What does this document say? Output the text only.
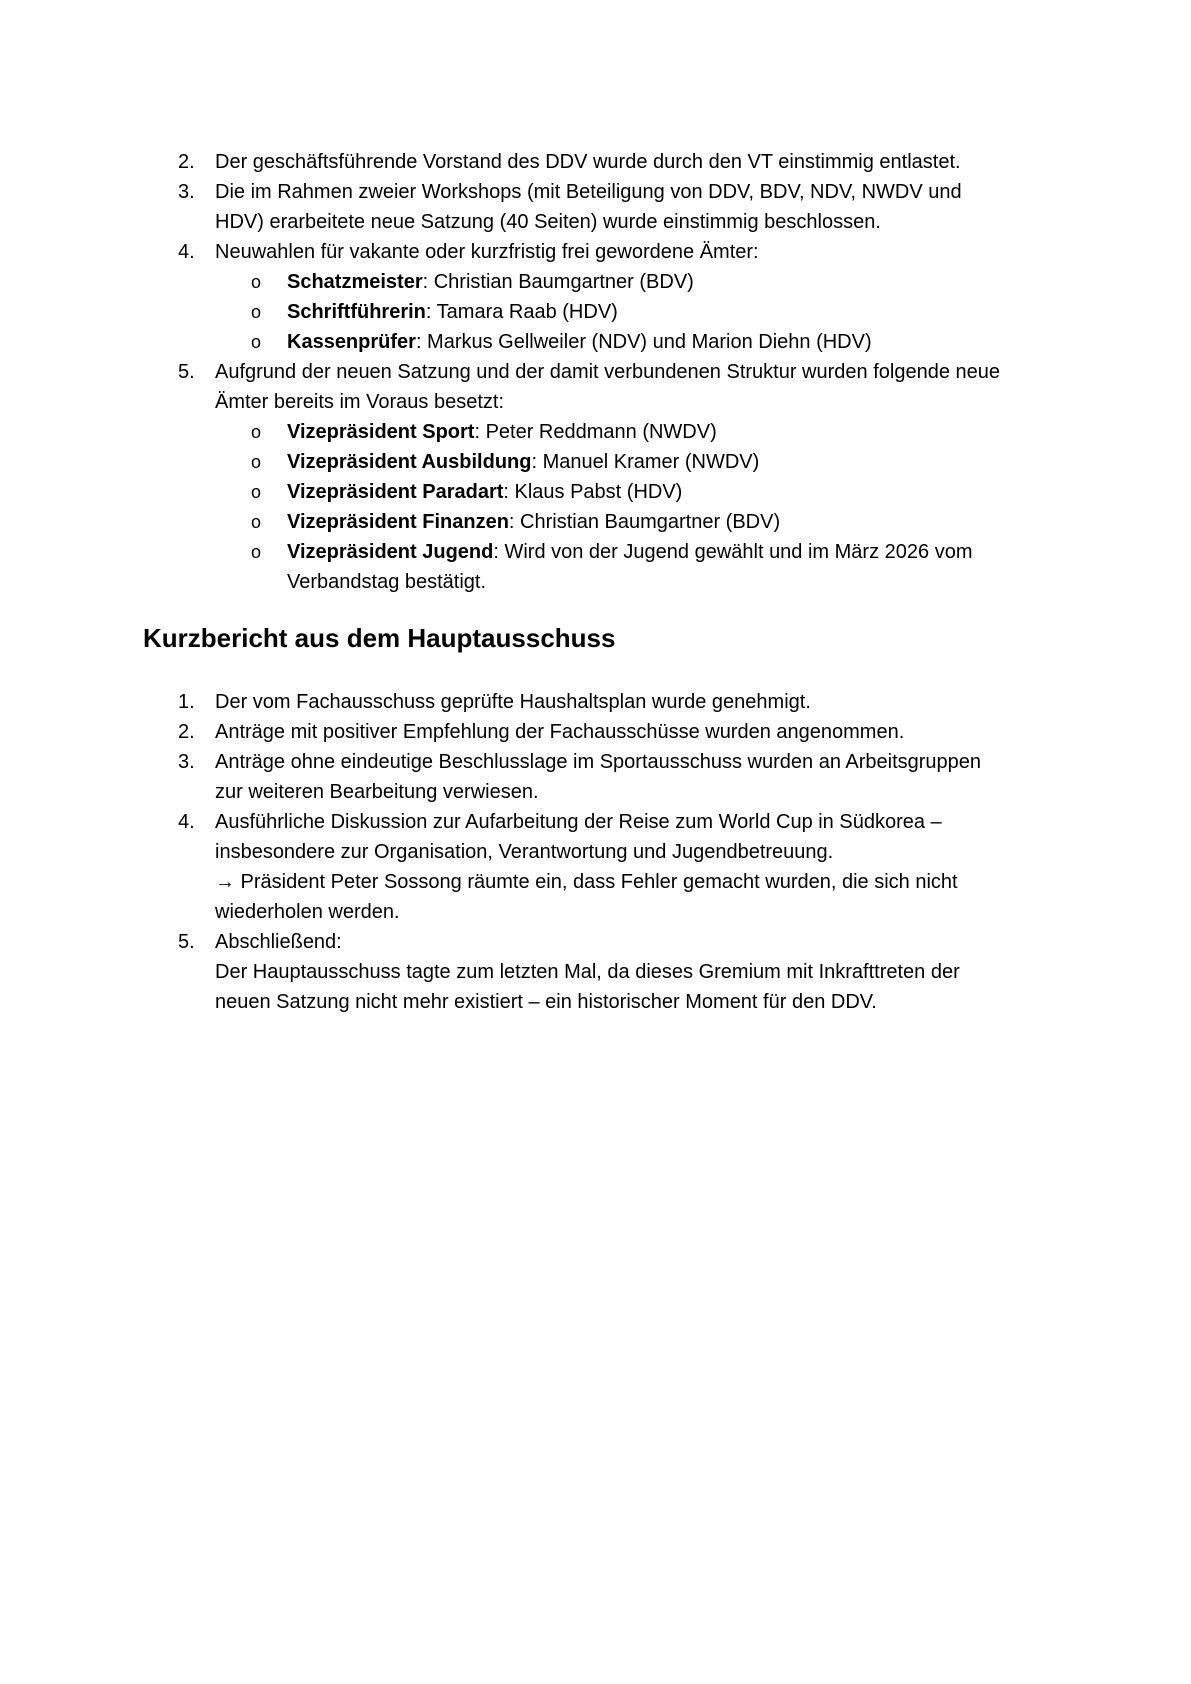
2. Der geschäftsführende Vorstand des DDV wurde durch den VT einstimmig entlastet.
3. Die im Rahmen zweier Workshops (mit Beteiligung von DDV, BDV, NDV, NWDV und
HDV) erarbeitete neue Satzung (40 Seiten) wurde einstimmig beschlossen.
4. Neuwahlen für vakante oder kurzfristig frei gewordene Ämter:
o Schatzmeister: Christian Baumgartner (BDV)
o Schriftführerin: Tamara Raab (HDV)
o Kassenprüfer: Markus Gellweiler (NDV) und Marion Diehn (HDV)
5. Aufgrund der neuen Satzung und der damit verbundenen Struktur wurden folgende neue
Ämter bereits im Voraus besetzt:
o Vizepräsident Sport: Peter Reddmann (NWDV)
o Vizepräsident Ausbildung: Manuel Kramer (NWDV)
o Vizepräsident Paradart: Klaus Pabst (HDV)
o Vizepräsident Finanzen: Christian Baumgartner (BDV)
o Vizepräsident Jugend: Wird von der Jugend gewählt und im März 2026 vom
Verbandstag bestätigt.
Kurzbericht aus dem Hauptausschuss
1. Der vom Fachausschuss geprüfte Haushaltsplan wurde genehmigt.
2. Anträge mit positiver Empfehlung der Fachausschüsse wurden angenommen.
3. Anträge ohne eindeutige Beschlusslage im Sportausschuss wurden an Arbeitsgruppen
zur weiteren Bearbeitung verwiesen.
4. Ausführliche Diskussion zur Aufarbeitung der Reise zum World Cup in Südkorea –
insbesondere zur Organisation, Verantwortung und Jugendbetreuung.
→ Präsident Peter Sossong räumte ein, dass Fehler gemacht wurden, die sich nicht
wiederholen werden.
5. Abschließend:
Der Hauptausschuss tagte zum letzten Mal, da dieses Gremium mit Inkrafttreten der
neuen Satzung nicht mehr existiert – ein historischer Moment für den DDV.
